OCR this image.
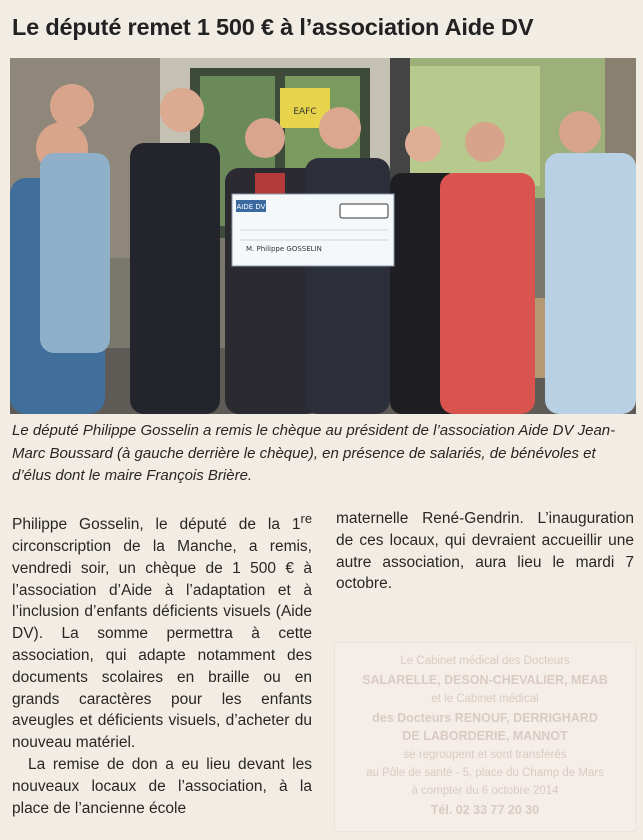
Le député remet 1 500 € à l’association Aide DV
EAFC
AIDE DV
M. Philippe GOSSELIN
Le député Philippe Gosselin a remis le chèque au président de l’association Aide DV Jean-Marc Boussard (à gauche derrière le chèque), en présence de salariés, de bénévoles et d’élus dont le maire François Brière.

Philippe Gosselin, le député de la 1re circonscription de la Manche, a remis, vendredi soir, un chèque de 1 500 € à l’association d’Aide à l’adaptation et à l’inclusion d’enfants déficients visuels (Aide DV). La somme permettra à cette association, qui adapte notamment des documents scolaires en braille ou en grands caractères pour les enfants aveugles et déficients visuels, d’acheter du nouveau matériel.

La remise de don a eu lieu devant les nouveaux locaux de l’association, à la place de l’ancienne école

maternelle René-Gendrin. L’inauguration de ces locaux, qui devraient accueillir une autre association, aura lieu le mardi 7 octobre.

Le Cabinet médical des Docteurs
SALARELLE, DESON-CHEVALIER, MEAB
et le Cabinet médical
des Docteurs RENOUF, DERRIGHARD
DE LABORDERIE, MANNOT
se regroupent et sont transférés
au Pôle de santé - 5, place du Champ de Mars
à compter du 6 octobre 2014
Tél. 02 33 77 20 30
